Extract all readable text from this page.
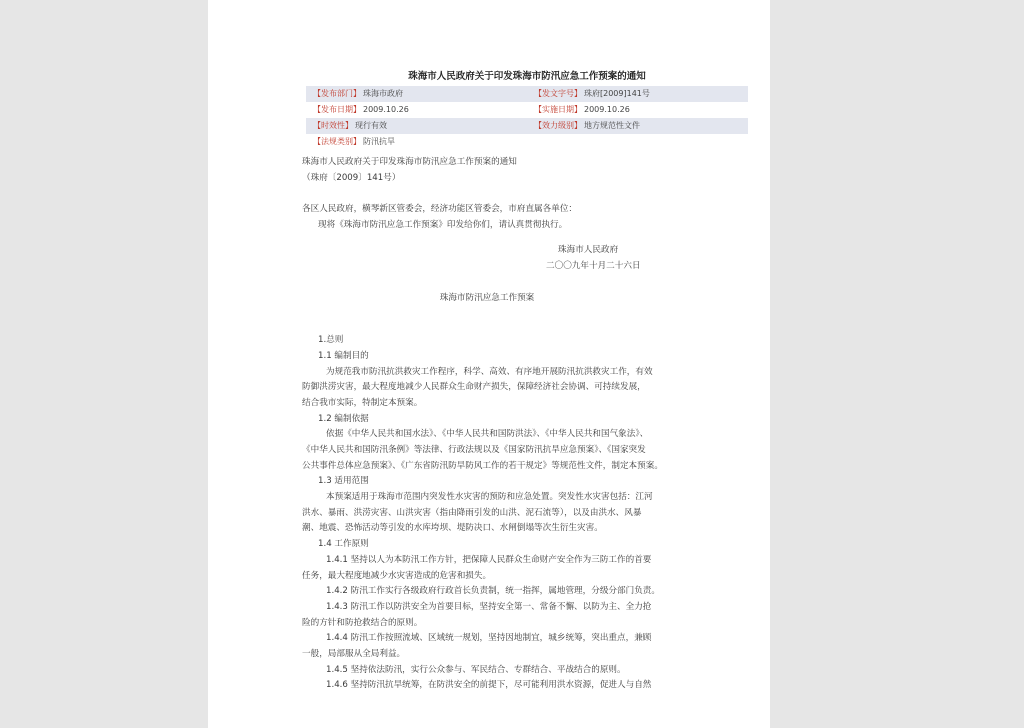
珠海市人民政府关于印发珠海市防汛应急工作预案的通知
【发布部门】 珠海市政府	【发文字号】 珠府[2009]141号
【发布日期】 2009.10.26	【实施日期】 2009.10.26
【时效性】 现行有效	【效力级别】 地方规范性文件
【法规类别】 防汛抗旱
珠海市人民政府关于印发珠海市防汛应急工作预案的通知
（珠府〔2009〕141号）
各区人民政府，横琴新区管委会，经济功能区管委会，市府直属各单位：
现将《珠海市防汛应急工作预案》印发给你们，请认真贯彻执行。
珠海市人民政府
二〇〇九年十月二十六日
珠海市防汛应急工作预案
1.总则
1.1 编制目的
为规范我市防汛抗洪救灾工作程序，科学、高效、有序地开展防汛抗洪救灾工作，有效
防御洪涝灾害，最大程度地减少人民群众生命财产损失，保障经济社会协调、可持续发展，
结合我市实际，特制定本预案。
1.2 编制依据
依据《中华人民共和国水法》、《中华人民共和国防洪法》、《中华人民共和国气象法》、
《中华人民共和国防汛条例》等法律、行政法规以及《国家防汛抗旱应急预案》、《国家突发
公共事件总体应急预案》、《广东省防汛防旱防风工作的若干规定》等规范性文件，制定本预案。
1.3 适用范围
本预案适用于珠海市范围内突发性水灾害的预防和应急处置。突发性水灾害包括：江河
洪水、暴雨、洪涝灾害、山洪灾害（指由降雨引发的山洪、泥石流等），以及由洪水、风暴
潮、地震、恐怖活动等引发的水库垮坝、堤防决口、水闸倒塌等次生衍生灾害。
1.4 工作原则
1.4.1 坚持以人为本防汛工作方针，把保障人民群众生命财产安全作为三防工作的首要
任务，最大程度地减少水灾害造成的危害和损失。
1.4.2 防汛工作实行各级政府行政首长负责制，统一指挥，属地管理，分级分部门负责。
1.4.3 防汛工作以防洪安全为首要目标，坚持安全第一、常备不懈、以防为主、全力抢
险的方针和防抢救结合的原则。
1.4.4 防汛工作按照流域、区域统一规划，坚持因地制宜，城乡统筹，突出重点，兼顾
一般，局部服从全局利益。
1.4.5 坚持依法防汛，实行公众参与、军民结合、专群结合、平战结合的原则。
1.4.6 坚持防汛抗旱统筹，在防洪安全的前提下，尽可能利用洪水资源，促进人与自然
